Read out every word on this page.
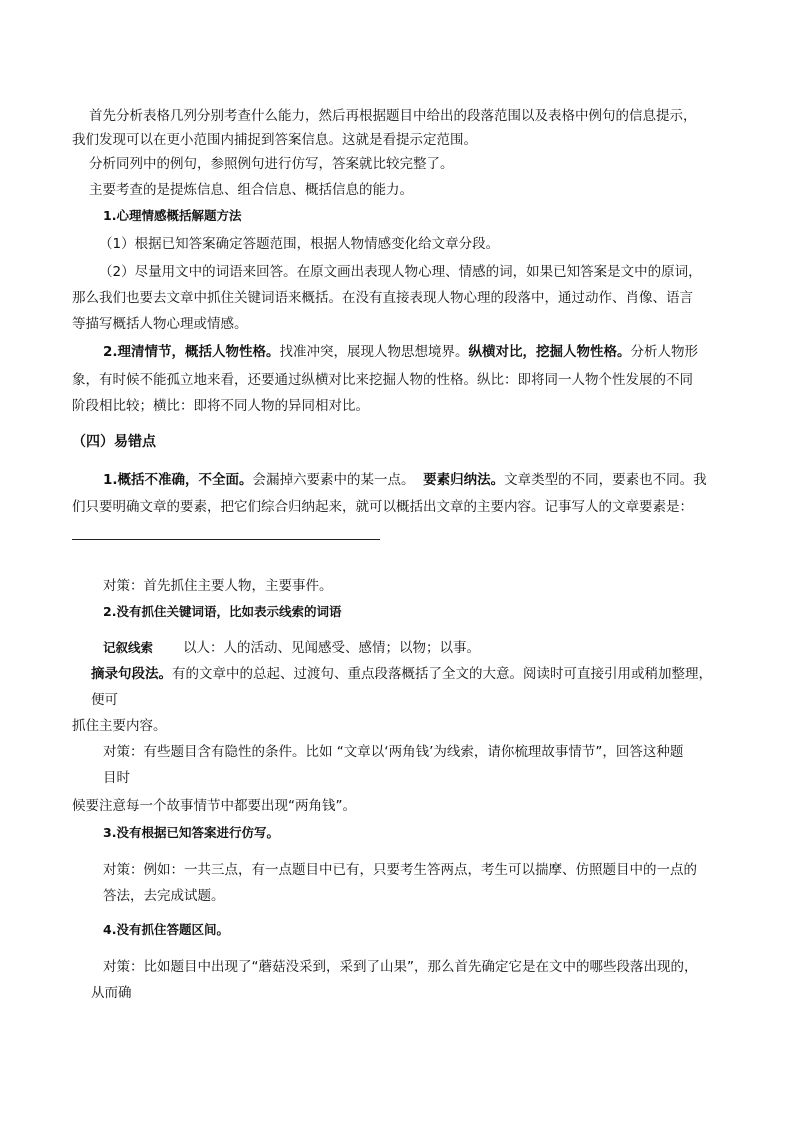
首先分析表格几列分别考查什么能力，然后再根据题目中给出的段落范围以及表格中例句的信息提示，

我们发现可以在更小范围内捕捉到答案信息。这就是看提示定范围。

分析同列中的例句，参照例句进行仿写，答案就比较完整了。

主要考查的是提炼信息、组合信息、概括信息的能力。

1.心理情感概括解题方法

（1）根据已知答案确定答题范围，根据人物情感变化给文章分段。

（2）尽量用文中的词语来回答。在原文画出表现人物心理、情感的词，如果已知答案是文中的原词，

那么我们也要去文章中抓住关键词语来概括。在没有直接表现人物心理的段落中，通过动作、肖像、语言

等描写概括人物心理或情感。

2.理清情节，概括人物性格。找准冲突，展现人物思想境界。纵横对比，挖掘人物性格。分析人物形

象，有时候不能孤立地来看，还要通过纵横对比来挖掘人物的性格。纵比：即将同一人物个性发展的不同

阶段相比较；横比：即将不同人物的异同相对比。

（四）易错点

1.概括不准确，不全面。会漏掉六要素中的某一点。 要素归纳法。文章类型的不同，要素也不同。我

们只要明确文章的要素，把它们综合归纳起来，就可以概括出文章的主要内容。记事写人的文章要素是：

对策：首先抓住主要人物，主要事件。

2.没有抓住关键词语，比如表示线索的词语

记叙线索 以人：人的活动、见闻感受、感情；以物；以事。

摘录句段法。有的文章中的总起、过渡句、重点段落概括了全文的大意。阅读时可直接引用或稍加整理，

便可

抓住主要内容。

对策：有些题目含有隐性的条件。比如 “文章以‘两角钱’为线索，请你梳理故事情节”，回答这种题

目时

候要注意每一个故事情节中都要出现“两角钱”。

3.没有根据已知答案进行仿写。

对策：例如：一共三点，有一点题目中已有，只要考生答两点，考生可以揣摩、仿照题目中的一点的

答法，去完成试题。

4.没有抓住答题区间。

对策：比如题目中出现了“蘑菇没采到，采到了山果”，那么首先确定它是在文中的哪些段落出现的，

从而确
